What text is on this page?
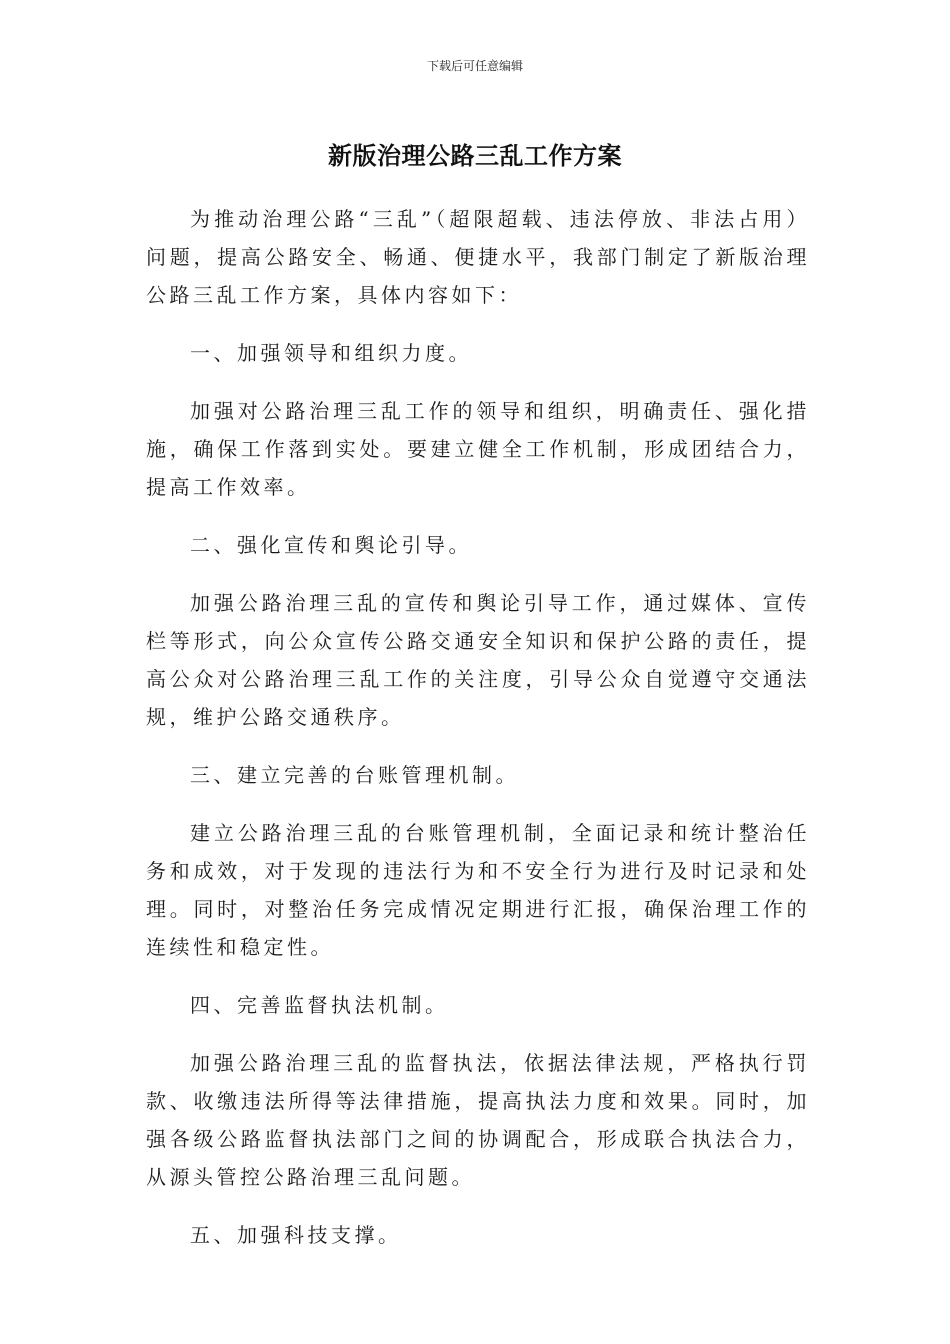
下载后可任意编辑
新版治理公路三乱工作方案

为推动治理公路“三乱”（超限超载、违法停放、非法占用）问题，提高公路安全、畅通、便捷水平，我部门制定了新版治理公路三乱工作方案，具体内容如下：

一、加强领导和组织力度。

加强对公路治理三乱工作的领导和组织，明确责任、强化措施，确保工作落到实处。要建立健全工作机制，形成团结合力，提高工作效率。

二、强化宣传和舆论引导。

加强公路治理三乱的宣传和舆论引导工作，通过媒体、宣传栏等形式，向公众宣传公路交通安全知识和保护公路的责任，提高公众对公路治理三乱工作的关注度，引导公众自觉遵守交通法规，维护公路交通秩序。

三、建立完善的台账管理机制。

建立公路治理三乱的台账管理机制，全面记录和统计整治任务和成效，对于发现的违法行为和不安全行为进行及时记录和处理。同时，对整治任务完成情况定期进行汇报，确保治理工作的连续性和稳定性。

四、完善监督执法机制。

加强公路治理三乱的监督执法，依据法律法规，严格执行罚款、收缴违法所得等法律措施，提高执法力度和效果。同时，加强各级公路监督执法部门之间的协调配合，形成联合执法合力，从源头管控公路治理三乱问题。

五、加强科技支撑。
